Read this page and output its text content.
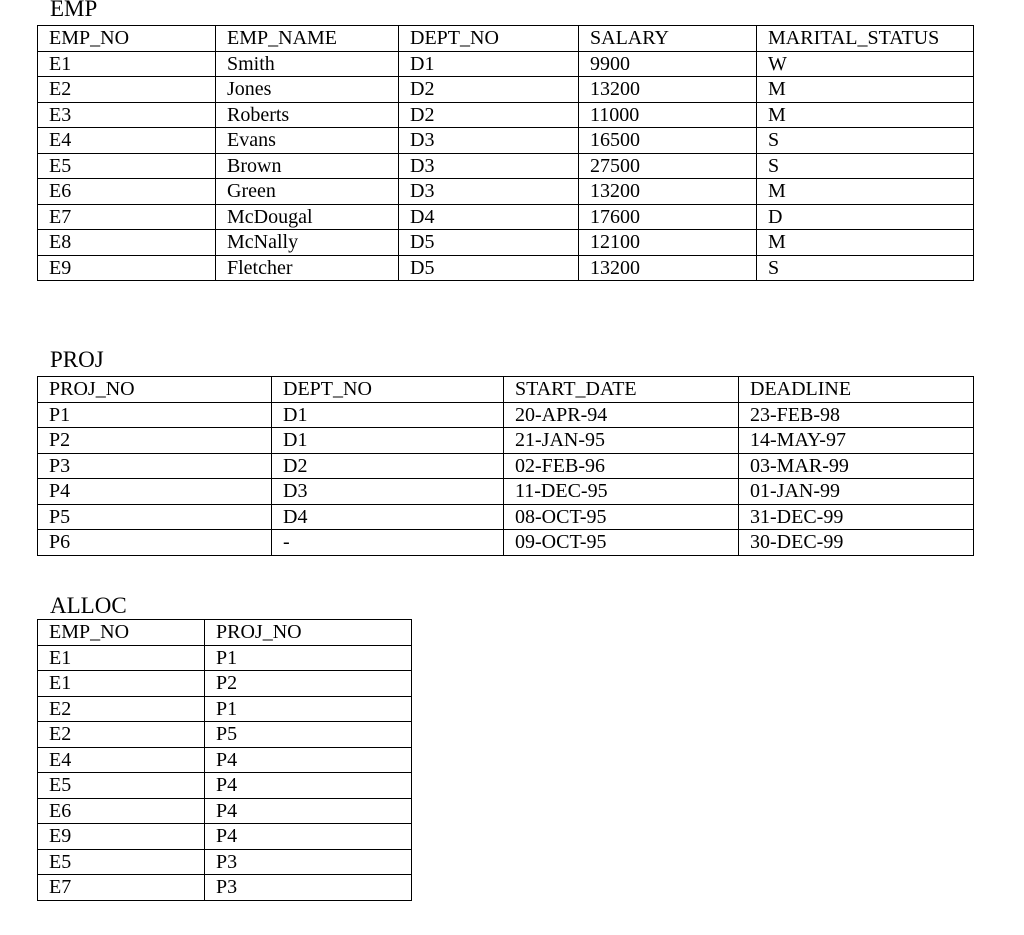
EMP
EMP_NO	EMP_NAME	DEPT_NO	SALARY	MARITAL_STATUS
E1	Smith	D1	9900	W
E2	Jones	D2	13200	M
E3	Roberts	D2	11000	M
E4	Evans	D3	16500	S
E5	Brown	D3	27500	S
E6	Green	D3	13200	M
E7	McDougal	D4	17600	D
E8	McNally	D5	12100	M
E9	Fletcher	D5	13200	S
PROJ
PROJ_NO	DEPT_NO	START_DATE	DEADLINE
P1	D1	20-APR-94	23-FEB-98
P2	D1	21-JAN-95	14-MAY-97
P3	D2	02-FEB-96	03-MAR-99
P4	D3	11-DEC-95	01-JAN-99
P5	D4	08-OCT-95	31-DEC-99
P6	-	09-OCT-95	30-DEC-99
ALLOC
EMP_NO	PROJ_NO
E1	P1
E1	P2
E2	P1
E2	P5
E4	P4
E5	P4
E6	P4
E9	P4
E5	P3
E7	P3
